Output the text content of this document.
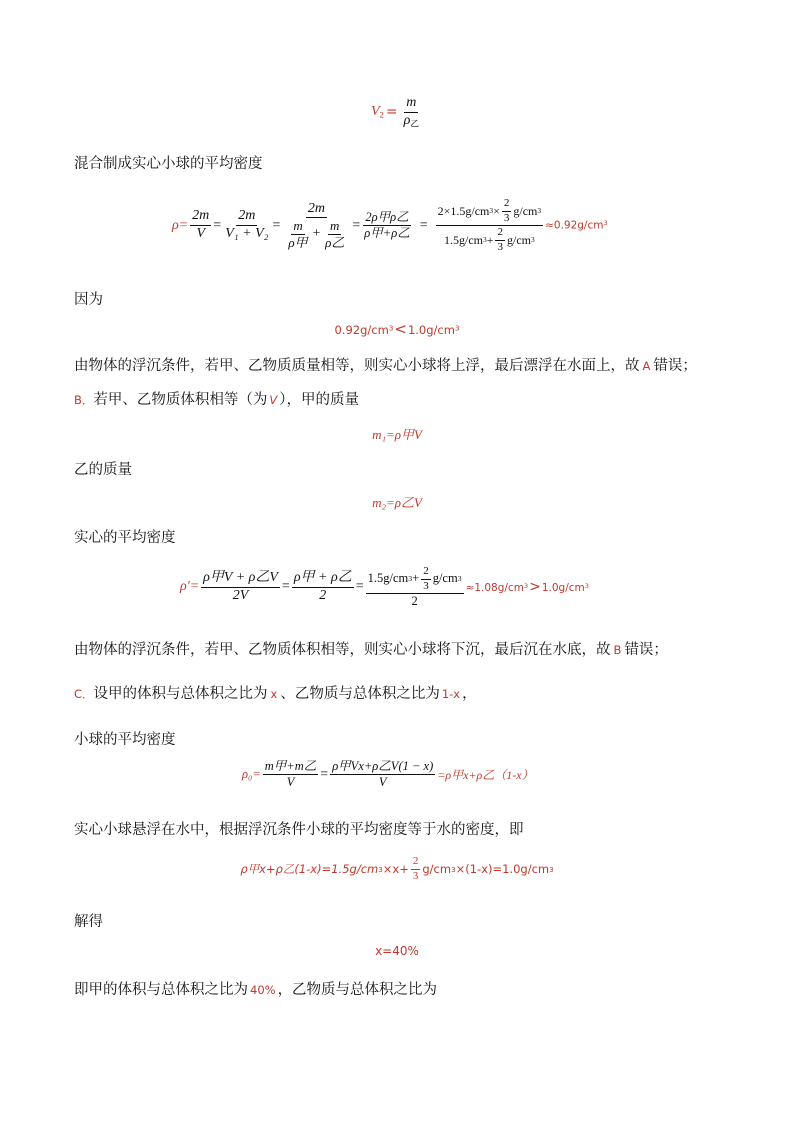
$V_2 = \frac{m}{\rho_乙}$
混合制成实心小球的平均密度
$\rho= \frac{2m}{V} = \frac{2m}{\text{V₁ + V₂}} = \frac{2m}{\frac{m}{\text{ρ甲}} + \frac{m}{\text{ρ乙}}} = \frac{\text{2ρ甲ρ乙}}{\text{ρ甲+ρ乙}} = \frac{2\times 1.5g/cm 3 \times \frac{2}{3} g/cm 3}{1.5g/cm 3 + \frac{2}{3} g/cm 3} \approx 0.92g/cm^3$
因为
$0.92g/cm^3<1.0g/cm^3$
由物体的浮沉条件，若甲、乙物质质量相等，则实心小球将上浮，最后漂浮在水面上，故 A 错误；
B．若甲、乙物质体积相等（为 V ），甲的质量
m₁=ρ甲V
乙的质量
m₂=ρ乙V
实心的平均密度
$\rho'= \frac{\text{ρ甲V + ρ乙V}}{2V} = \frac{\text{ρ甲 + ρ乙}}{2} = \frac{1.5g/cm 3 + \frac{2}{3} g/cm 3}{2} \approx 1.08g/cm^3>1.0g/cm^3$
由物体的浮沉条件，若甲、乙物质体积相等，则实心小球将下沉，最后沉在水底，故 B 错误；
C．设甲的体积与总体积之比为 x 、乙物质与总体积之比为 1-x ，
小球的平均密度
$\rho_0= \frac{\text{m甲+m乙}}{V} = \frac{\text{ρ甲Vx+ρ乙V(1 − x)}}{V} =\rho$甲x+ρ乙（1-x）
实心小球悬浮在水中，根据浮沉条件小球的平均密度等于水的密度，即
ρ甲x+ρ乙(1-x)=1.5g/cm $3 \times x+ \frac{2}{3} g/cm$ 3 ×(1-x)=1.0g/cm 3
解得
x=40%
即甲的体积与总体积之比为 40% ，乙物质与总体积之比为
